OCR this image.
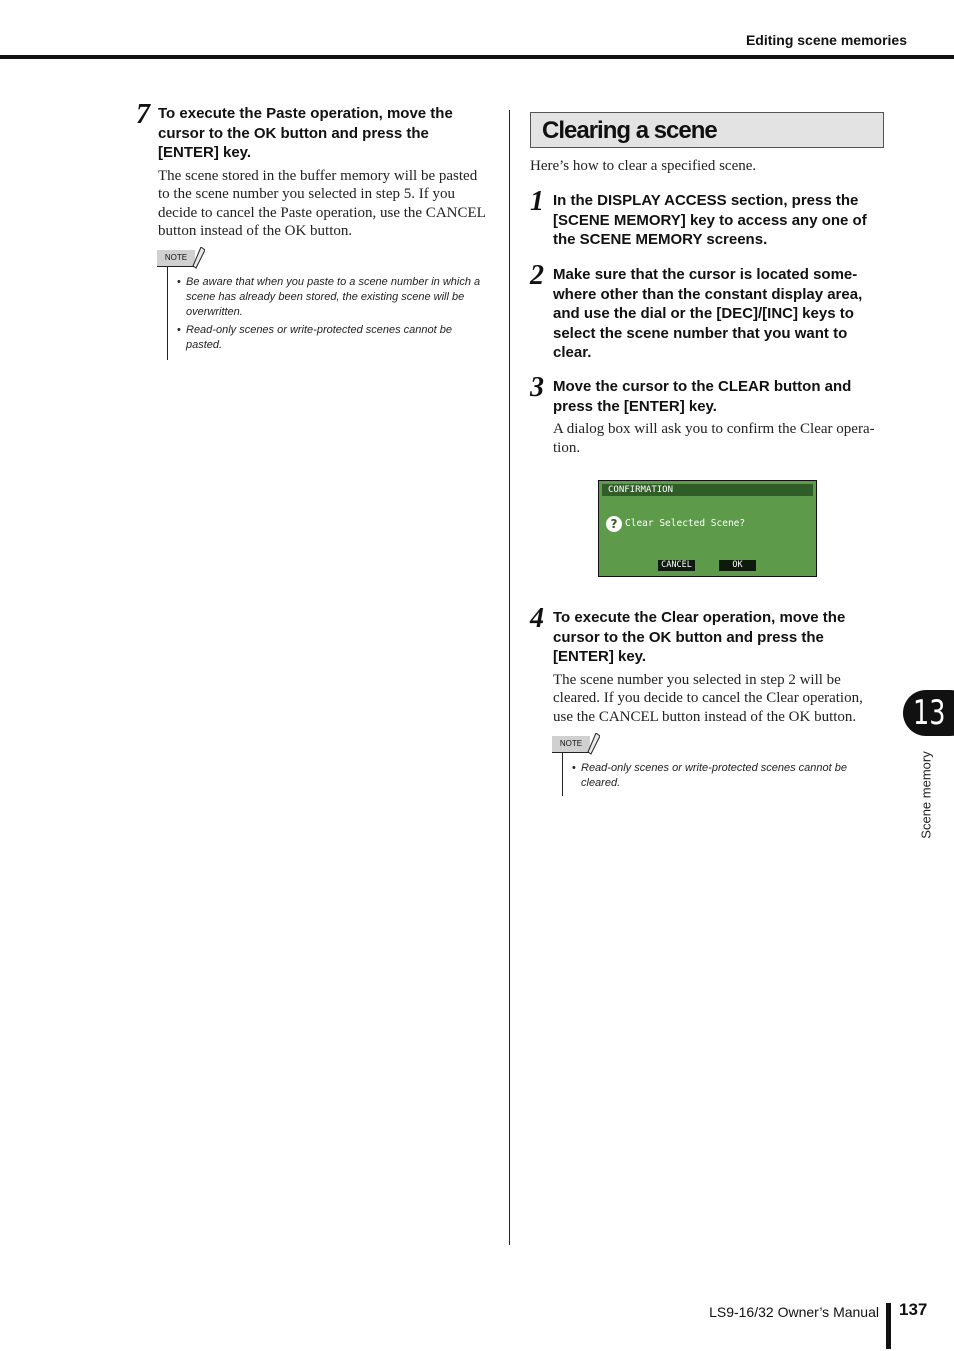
Editing scene memories
7 To execute the Paste operation, move the
cursor to the OK button and press the
[ENTER] key.
The scene stored in the buffer memory will be pasted
to the scene number you selected in step 5. If you
decide to cancel the Paste operation, use the CANCEL
button instead of the OK button.
NOTE
• Be aware that when you paste to a scene number in which a
scene has already been stored, the existing scene will be
overwritten.
• Read-only scenes or write-protected scenes cannot be
pasted.
Clearing a scene
Here’s how to clear a specified scene.
1 In the DISPLAY ACCESS section, press the
[SCENE MEMORY] key to access any one of
the SCENE MEMORY screens.
2 Make sure that the cursor is located some-
where other than the constant display area,
and use the dial or the [DEC]/[INC] keys to
select the scene number that you want to
clear.
3 Move the cursor to the CLEAR button and
press the [ENTER] key.
A dialog box will ask you to confirm the Clear opera-
tion.
CONFIRMATION
? Clear Selected Scene?
CANCEL	OK
4 To execute the Clear operation, move the
cursor to the OK button and press the
[ENTER] key.
The scene number you selected in step 2 will be
cleared. If you decide to cancel the Clear operation,
use the CANCEL button instead of the OK button.
NOTE
• Read-only scenes or write-protected scenes cannot be
cleared.
13
Scene memory
LS9-16/32 Owner’s Manual 137
